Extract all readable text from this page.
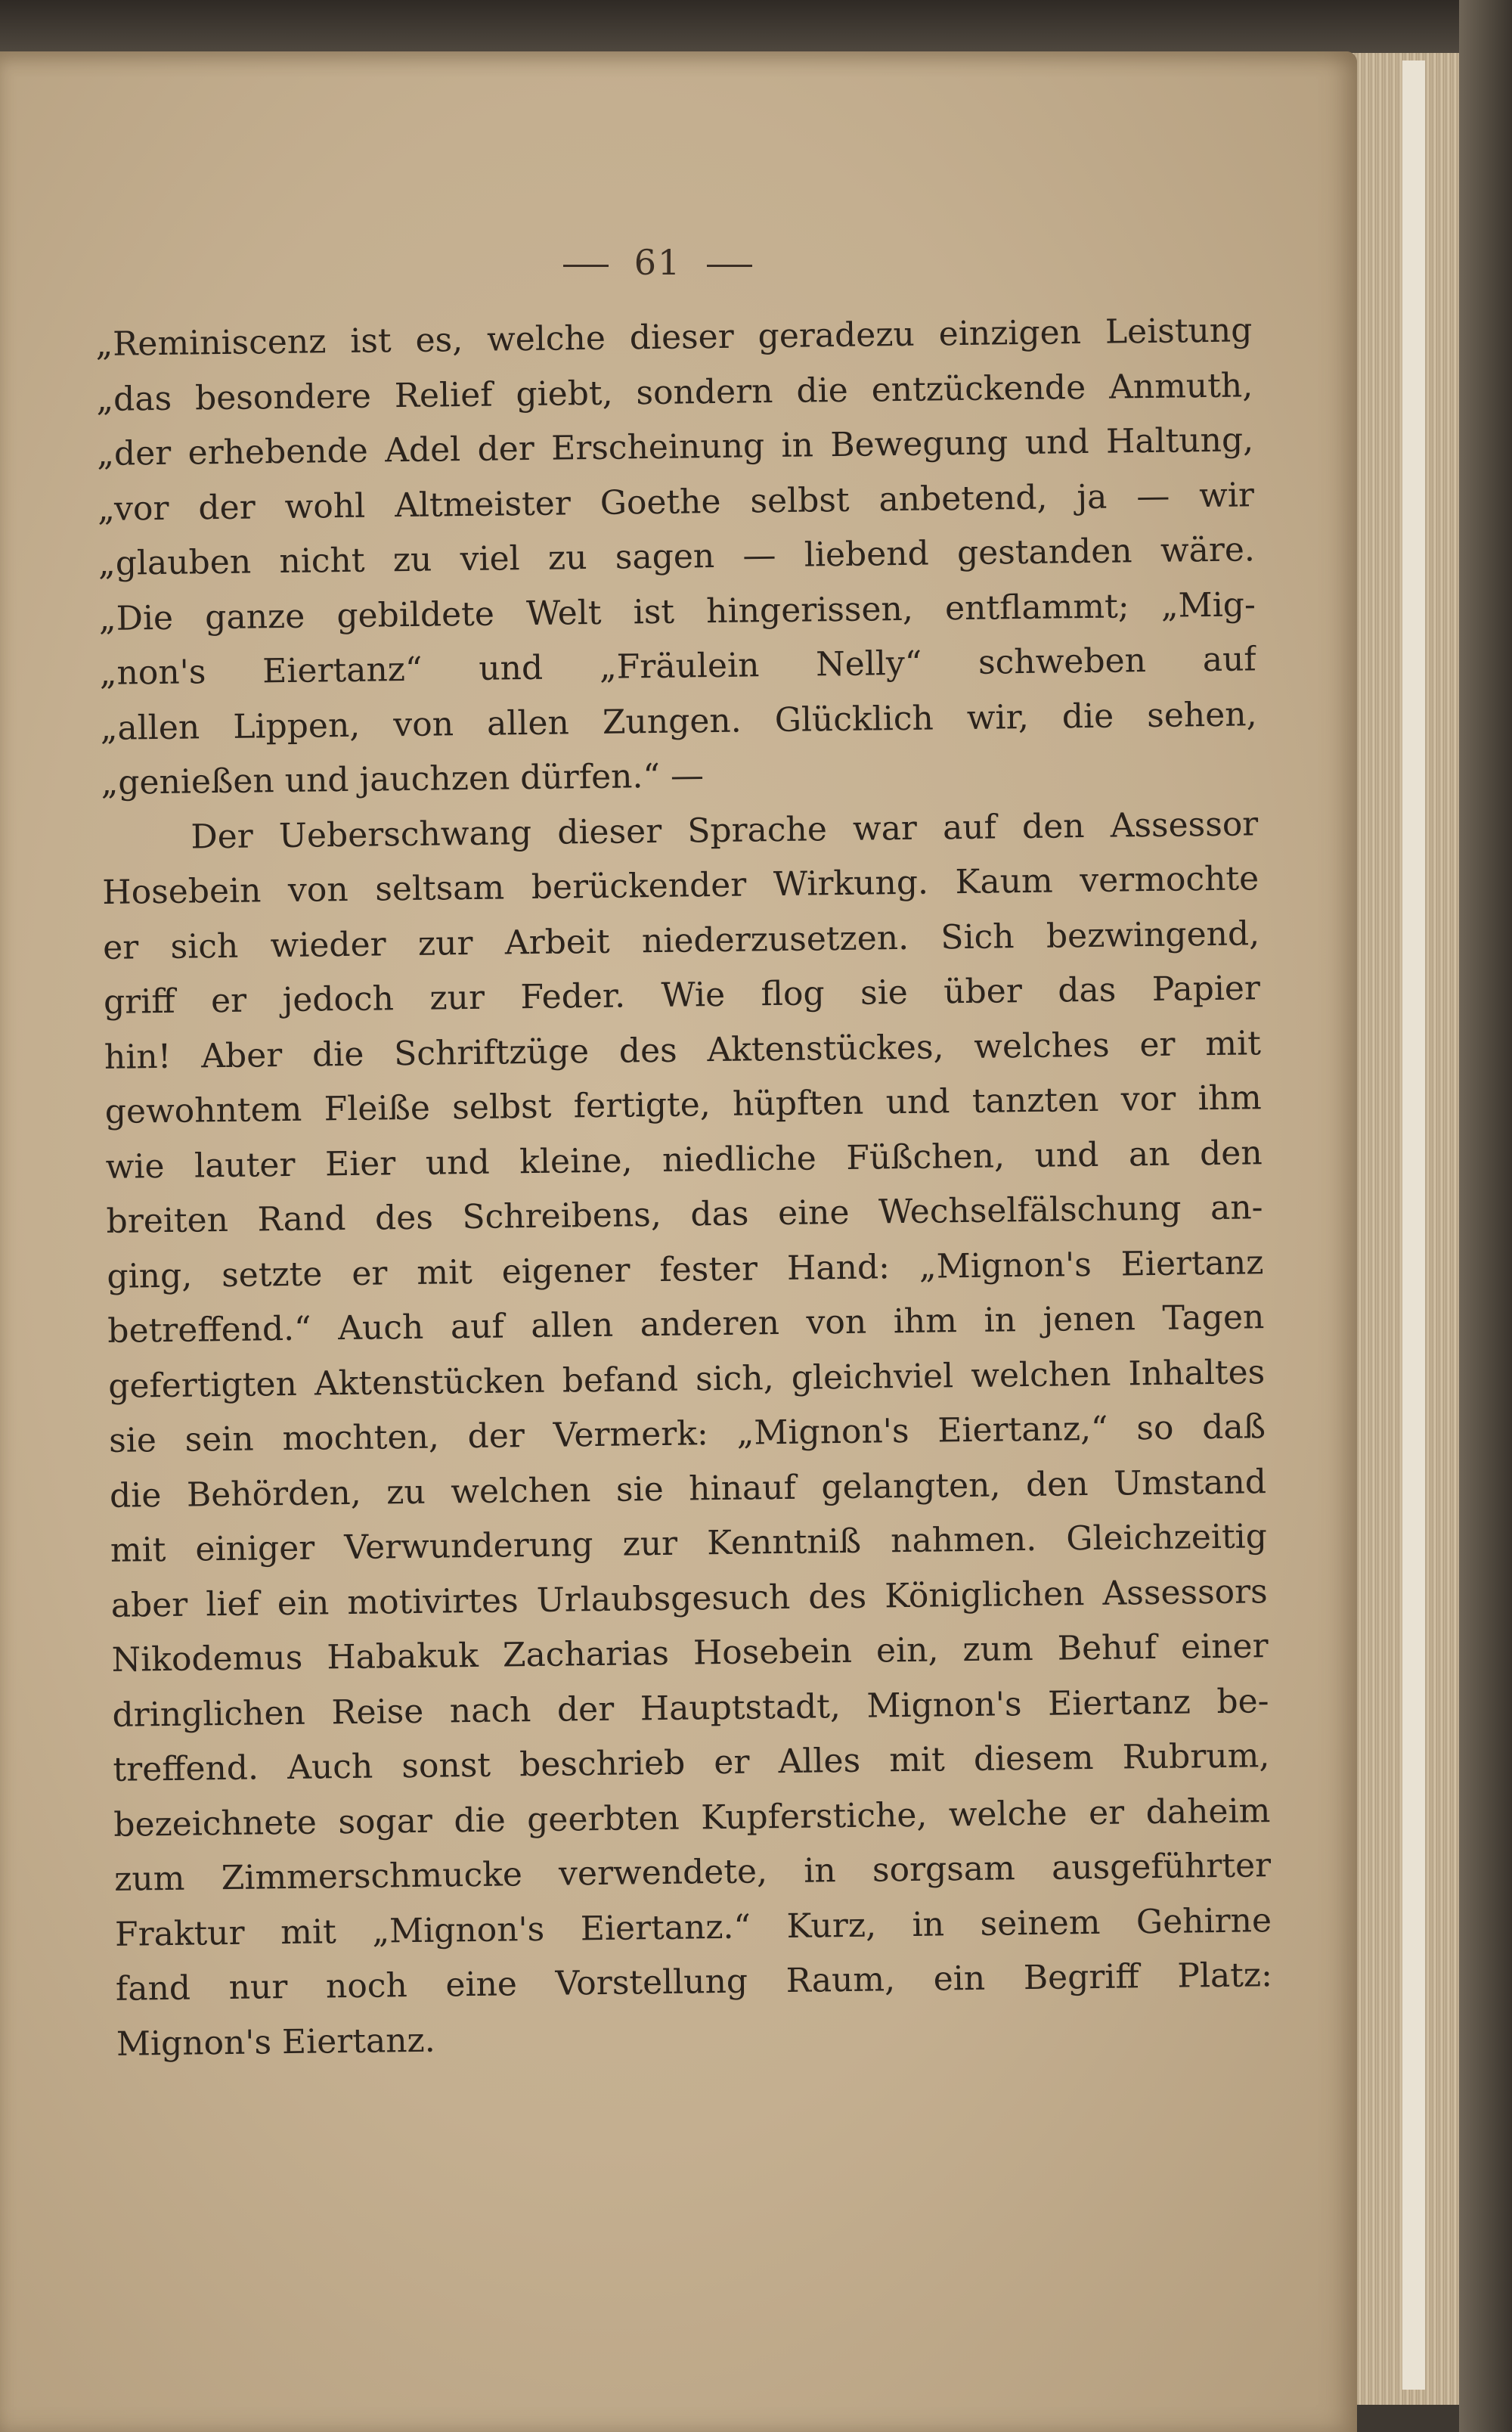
61
„Reminiscenz ist es, welche dieser geradezu einzigen Leistung
„das besondere Relief giebt, sondern die entzückende Anmuth,
„der erhebende Adel der Erscheinung in Bewegung und Haltung,
„vor der wohl Altmeister Goethe selbst anbetend, ja — wir
„glauben nicht zu viel zu sagen — liebend gestanden wäre.
„Die ganze gebildete Welt ist hingerissen, entflammt; „Mig-
„non's Eiertanz“ und „Fräulein Nelly“ schweben auf
„allen Lippen, von allen Zungen. Glücklich wir, die sehen,
„genießen und jauchzen dürfen.“ —
Der Ueberschwang dieser Sprache war auf den Assessor
Hosebein von seltsam berückender Wirkung. Kaum vermochte
er sich wieder zur Arbeit niederzusetzen. Sich bezwingend,
griff er jedoch zur Feder. Wie flog sie über das Papier
hin! Aber die Schriftzüge des Aktenstückes, welches er mit
gewohntem Fleiße selbst fertigte, hüpften und tanzten vor ihm
wie lauter Eier und kleine, niedliche Füßchen, und an den
breiten Rand des Schreibens, das eine Wechselfälschung an-
ging, setzte er mit eigener fester Hand: „Mignon's Eiertanz
betreffend.“ Auch auf allen anderen von ihm in jenen Tagen
gefertigten Aktenstücken befand sich, gleichviel welchen Inhaltes
sie sein mochten, der Vermerk: „Mignon's Eiertanz,“ so daß
die Behörden, zu welchen sie hinauf gelangten, den Umstand
mit einiger Verwunderung zur Kenntniß nahmen. Gleichzeitig
aber lief ein motivirtes Urlaubsgesuch des Königlichen Assessors
Nikodemus Habakuk Zacharias Hosebein ein, zum Behuf einer
dringlichen Reise nach der Hauptstadt, Mignon's Eiertanz be-
treffend. Auch sonst beschrieb er Alles mit diesem Rubrum,
bezeichnete sogar die geerbten Kupferstiche, welche er daheim
zum Zimmerschmucke verwendete, in sorgsam ausgeführter
Fraktur mit „Mignon's Eiertanz.“ Kurz, in seinem Gehirne
fand nur noch eine Vorstellung Raum, ein Begriff Platz:
Mignon's Eiertanz.
